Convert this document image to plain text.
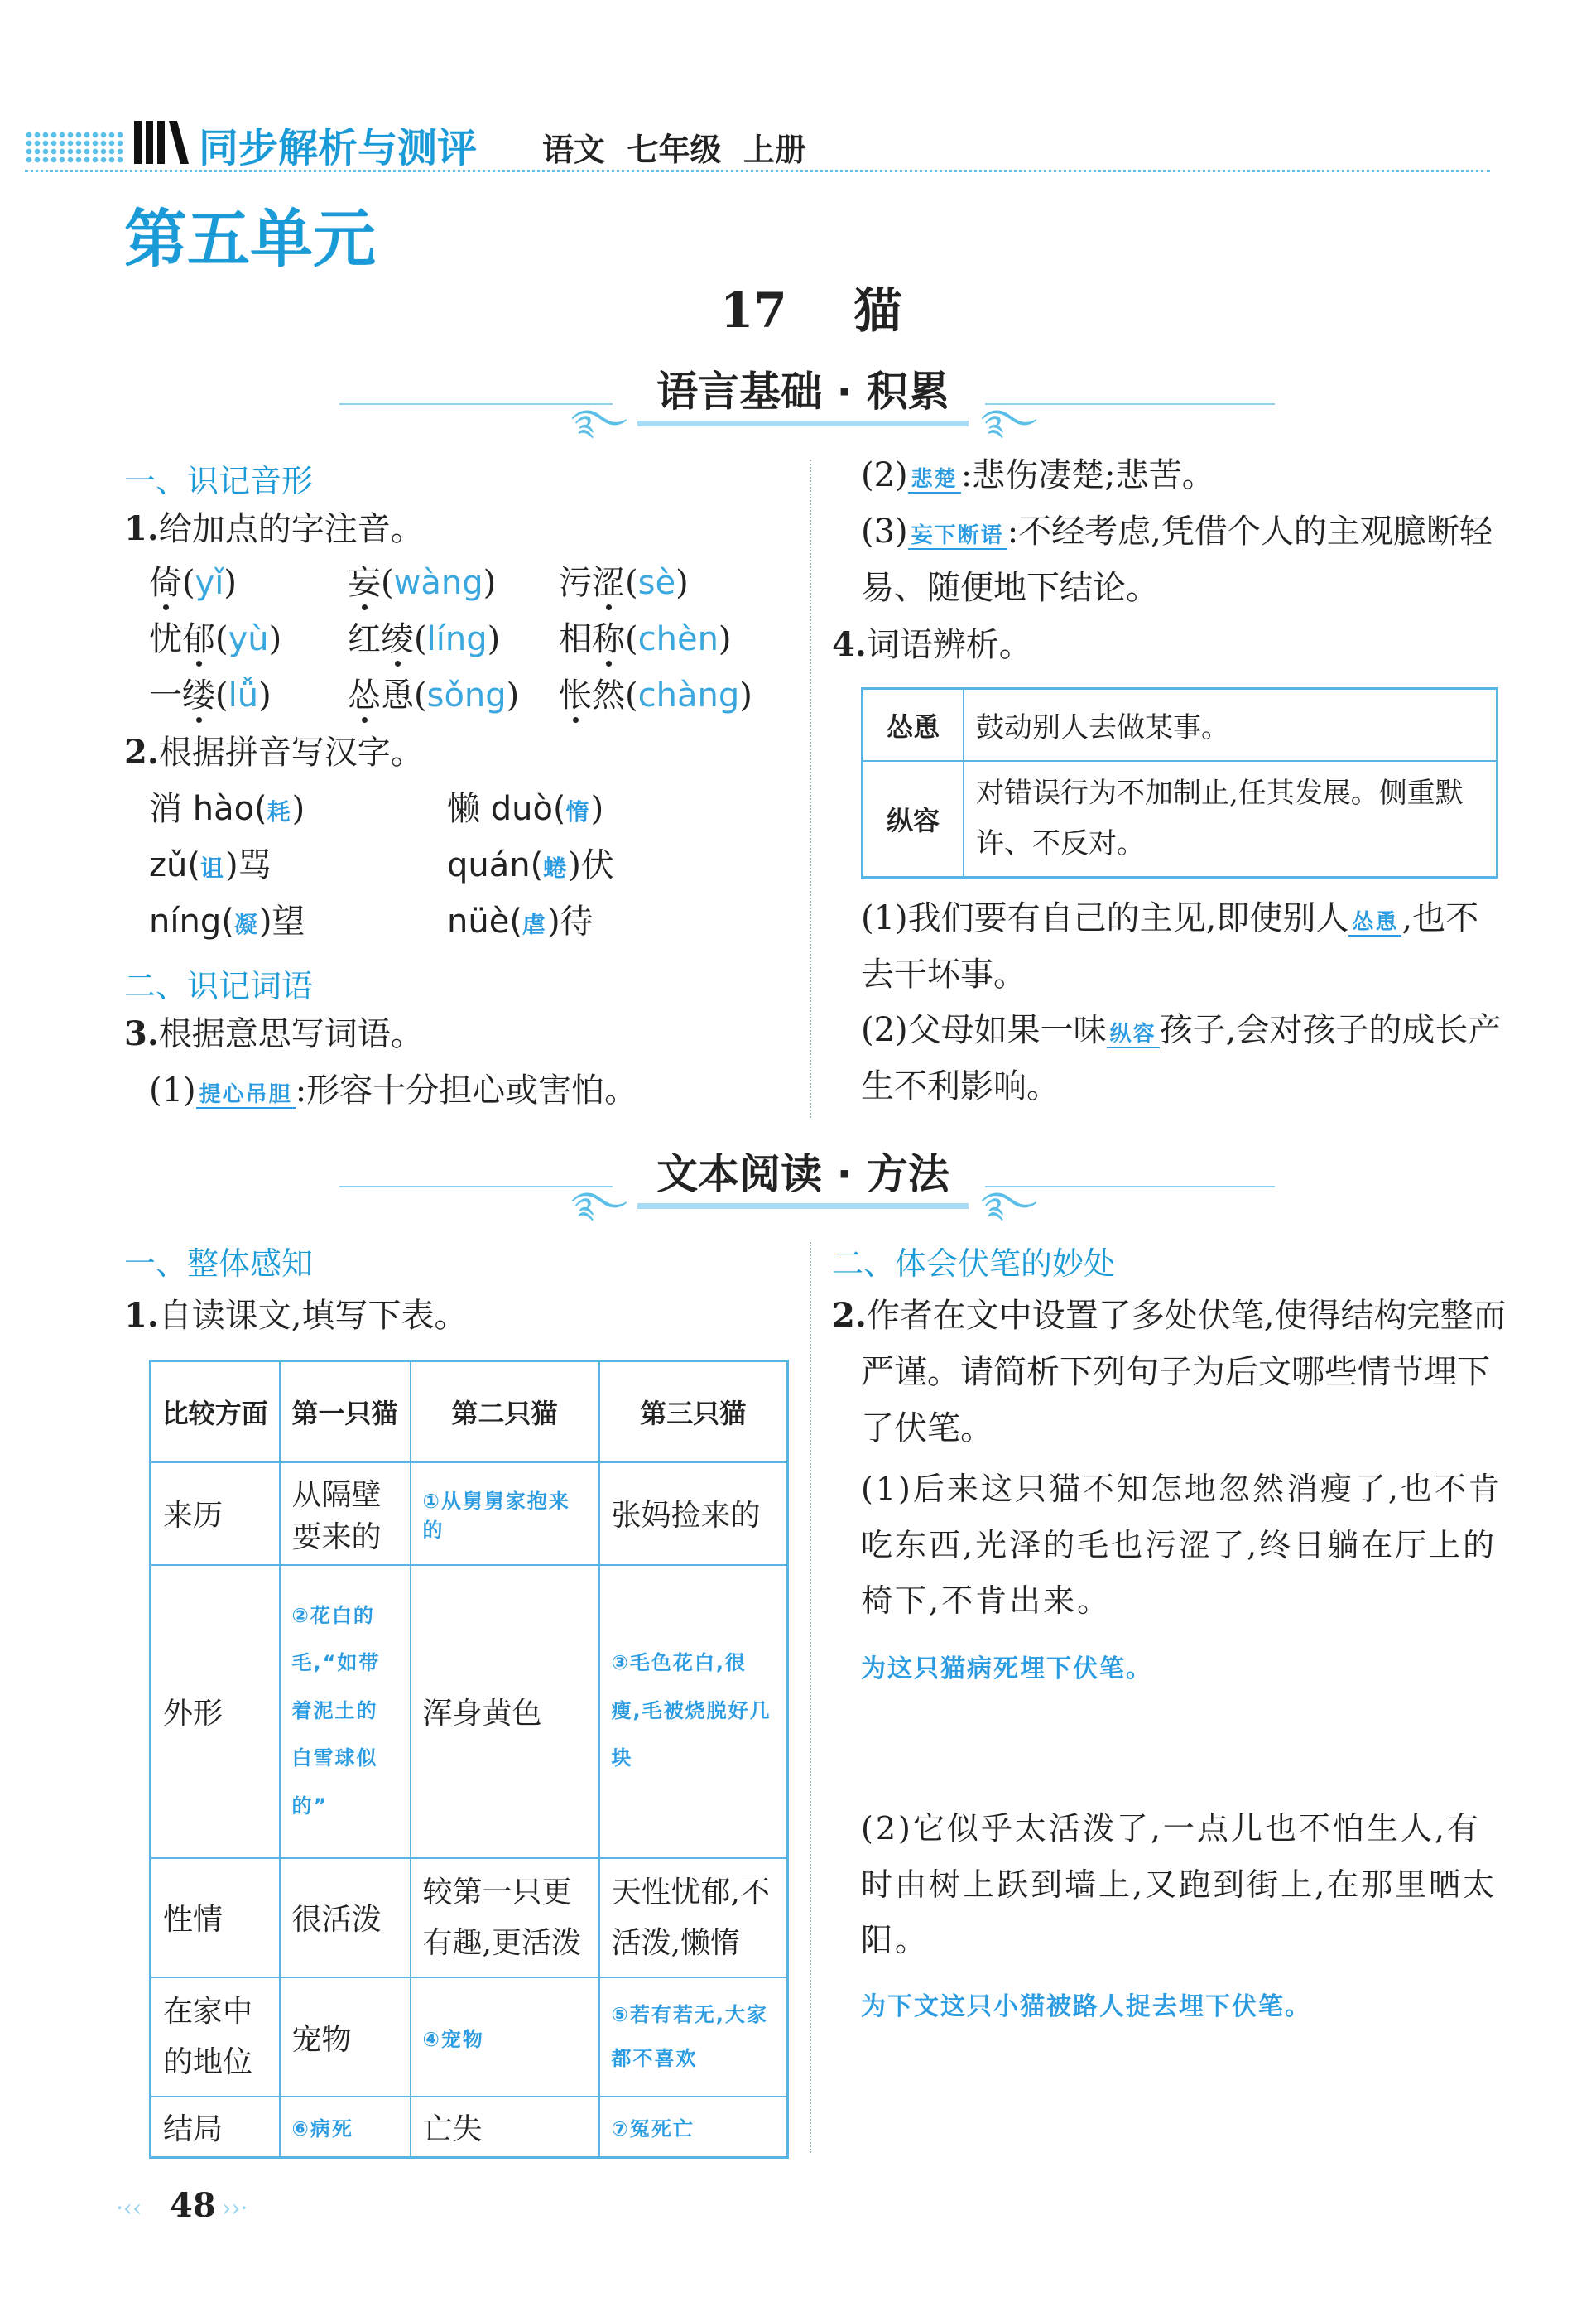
同步解析与测评 语文  七年级  上册
第五单元
17    猫
࿐	࿐
语言基础 · 积累
一、识记音形
1.给加点的字注音。
倚(yǐ)	妄(wàng) 污涩(sè)
忧郁(yù) 红绫(líng) 相称(chèn)
一缕(lǚ) 怂恿(sǒng) 怅然(chàng)
2.根据拼音写汉字。
消 hào(耗)	懒 duò(惰)
zǔ(诅)骂	quán(蜷)伏
níng(凝)望	nüè(虐)待
二、识记词语
3.根据意思写词语。
(1) 提心吊胆 :形容十分担心或害怕。
(2) 悲楚 :悲伤凄楚;悲苦。
(3) 妄下断语 :不经考虑,凭借个人的主观臆断轻易、随便地下结论。
4.词语辨析。
怂恿	鼓动别人去做某事。
纵容	对错误行为不加制止,任其发展。侧重默许、不反对。
(1)我们要有自己的主见,即使别人 怂恿 ,也不去干坏事。
(2)父母如果一味 纵容 孩子,会对孩子的成长产生不利影响。
࿐	࿐
文本阅读 · 方法
一、整体感知
1.自读课文,填写下表。
比较方面	第一只猫	第二只猫	第三只猫
来历	从隔壁要来的	①从舅舅家抱来的	张妈捡来的
外形	②花白的毛,“如带着泥土的白雪球似的”	浑身黄色	③毛色花白,很瘦,毛被烧脱好几块
性情	很活泼	较第一只更有趣,更活泼	天性忧郁,不活泼,懒惰
在家中的地位	宠物	④宠物	⑤若有若无,大家都不喜欢
结局	⑥病死	亡失	⑦冤死亡
二、体会伏笔的妙处
2.作者在文中设置了多处伏笔,使得结构完整而严谨。请简析下列句子为后文哪些情节埋下了伏笔。
(1)后来这只猫不知怎地忽然消瘦了,也不肯吃东西,光泽的毛也污涩了,终日躺在厅上的椅下,不肯出来。
为这只猫病死埋下伏笔。
(2)它似乎太活泼了,一点儿也不怕生人,有时由树上跃到墙上,又跑到街上,在那里晒太阳。
为下文这只小猫被路人捉去埋下伏笔。
·‹‹ 48 ››·
